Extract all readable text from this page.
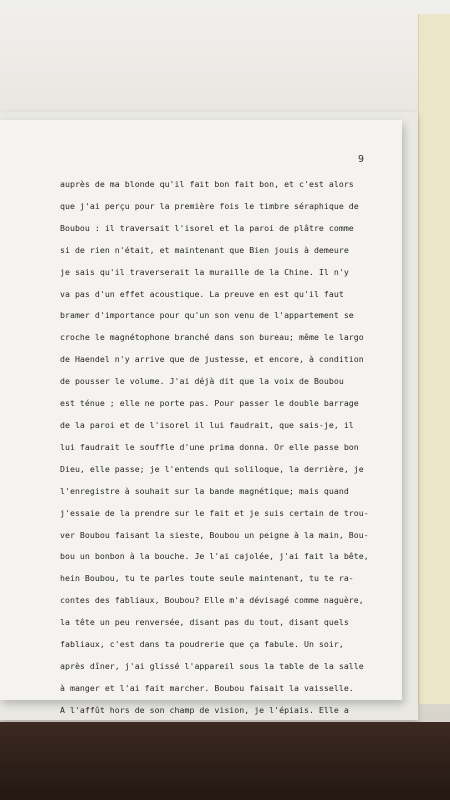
9
auprès de ma blonde qu'il fait bon fait bon, et c'est alors
que j'ai perçu pour la première fois le timbre séraphique de
Boubou : il traversait l'isorel et la paroi de plâtre comme
si de rien n'était, et maintenant que Bien jouis à demeure
je sais qu'il traverserait la muraille de la Chine. Il n'y
va pas d'un effet acoustique. La preuve en est qu'il faut
bramer d'importance pour qu'un son venu de l'appartement se
croche le magnétophone branché dans son bureau; même le largo
de Haendel n'y arrive que de justesse, et encore, à condition
de pousser le volume. J'ai déjà dit que la voix de Boubou
est ténue ; elle ne porte pas. Pour passer le double barrage
de la paroi et de l'isorel il lui faudrait, que sais-je, il
lui faudrait le souffle d'une prima donna. Or elle passe bon
Dieu, elle passe; je l'entends qui soliloque, la derrière, je
l'enregistre à souhait sur la bande magnétique; mais quand
j'essaie de la prendre sur le fait et je suis certain de trou-
ver Boubou faisant la sieste, Boubou un peigne à la main, Bou-
bou un bonbon à la bouche. Je l'ai cajolée, j'ai fait la bête,
hein Boubou, tu te parles toute seule maintenant, tu te ra-
contes des fabliaux, Boubou? Elle m'a dévisagé comme naguère,
la tête un peu renversée, disant pas du tout, disant quels
fabliaux, c'est dans ta poudrerie que ça fabule. Un soir,
après dîner, j'ai glissé l'appareil sous la table de la salle
à manger et l'ai fait marcher. Boubou faisait la vaisselle.
A l'affût hors de son champ de vision, je l'épiais. Elle a
